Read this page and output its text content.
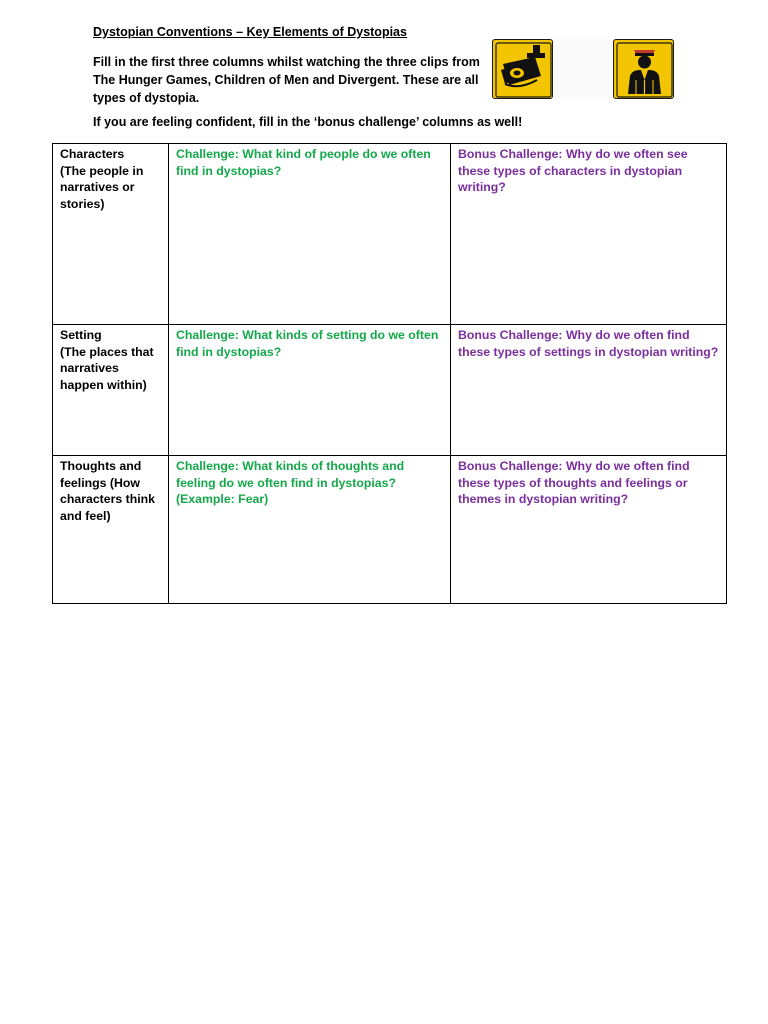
Dystopian Conventions – Key Elements of Dystopias
Fill in the first three columns whilst watching the three clips from
The Hunger Games, Children of Men and Divergent. These are all
types of dystopia.
If you are feeling confident, fill in the ‘bonus challenge’ columns as well!
Characters
(The people in narratives or stories)	Challenge: What kind of people do we often find in dystopias?	Bonus Challenge: Why do we often see these types of characters in dystopian writing?

Setting
(The places that narratives happen within)	Challenge: What kinds of setting do we often find in dystopias?	Bonus Challenge: Why do we often find these types of settings in dystopian writing?

Thoughts and feelings (How characters think and feel)	Challenge: What kinds of thoughts and feeling do we often find in dystopias? (Example: Fear)	Bonus Challenge: Why do we often find these types of thoughts and feelings or themes in dystopian writing?
